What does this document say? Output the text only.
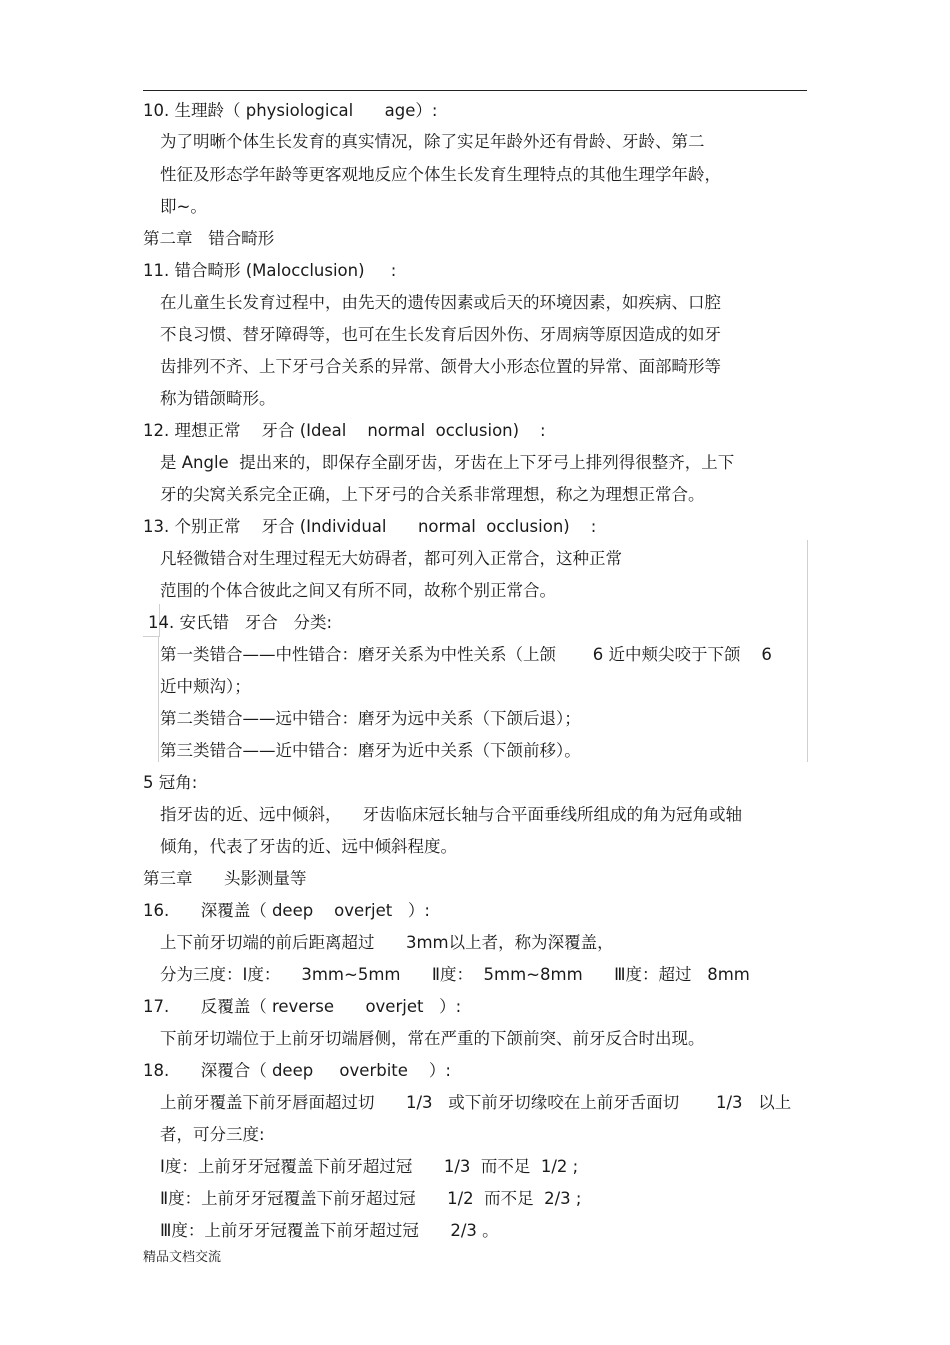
10. 生理龄（ physiological      age）:
为了明晰个体生长发育的真实情况，除了实足年龄外还有骨龄、牙龄、第二
性征及形态学年龄等更客观地反应个体生长发育生理特点的其他生理学年龄，
即~。
第二章   错合畸形
11. 错合畸形 (Malocclusion)     :
在儿童生长发育过程中，由先天的遗传因素或后天的环境因素，如疾病、口腔
不良习惯、替牙障碍等，也可在生长发育后因外伤、牙周病等原因造成的如牙
齿排列不齐、上下牙弓合关系的异常、颌骨大小形态位置的异常、面部畸形等
称为错颌畸形。
12. 理想正常    牙合 (Ideal    normal  occlusion)    :
是 Angle  提出来的，即保存全副牙齿，牙齿在上下牙弓上排列得很整齐，上下
牙的尖窝关系完全正确，上下牙弓的合关系非常理想，称之为理想正常合。
13. 个别正常    牙合 (Individual      normal  occlusion)    :
凡轻微错合对生理过程无大妨碍者，都可列入正常合，这种正常
范围的个体合彼此之间又有所不同，故称个别正常合。
14. 安氏错   牙合   分类:
第一类错合——中性错合：磨牙关系为中性关系（上颌       6 近中颊尖咬于下颌    6
近中颊沟）；
第二类错合——远中错合：磨牙为远中关系（下颌后退）；
第三类错合——近中错合：磨牙为近中关系（下颌前移）。
5 冠角:
指牙齿的近、远中倾斜，    牙齿临床冠长轴与合平面垂线所组成的角为冠角或轴
倾角，代表了牙齿的近、远中倾斜程度。
第三章      头影测量等
16.      深覆盖（ deep    overjet   ）:
上下前牙切端的前后距离超过      3mm以上者，称为深覆盖，
分为三度：Ⅰ度：    3mm~5mm      Ⅱ度：  5mm~8mm      Ⅲ度：超过   8mm
17.      反覆盖（ reverse      overjet   ）:
下前牙切端位于上前牙切端唇侧，常在严重的下颌前突、前牙反合时出现。
18.      深覆合（ deep     overbite    ）:
上前牙覆盖下前牙唇面超过切      1/3   或下前牙切缘咬在上前牙舌面切       1/3   以上
者，可分三度:
Ⅰ度：上前牙牙冠覆盖下前牙超过冠      1/3  而不足  1/2 ;
Ⅱ度：上前牙牙冠覆盖下前牙超过冠      1/2  而不足  2/3 ;
Ⅲ度：上前牙牙冠覆盖下前牙超过冠      2/3 。
精品文档交流
